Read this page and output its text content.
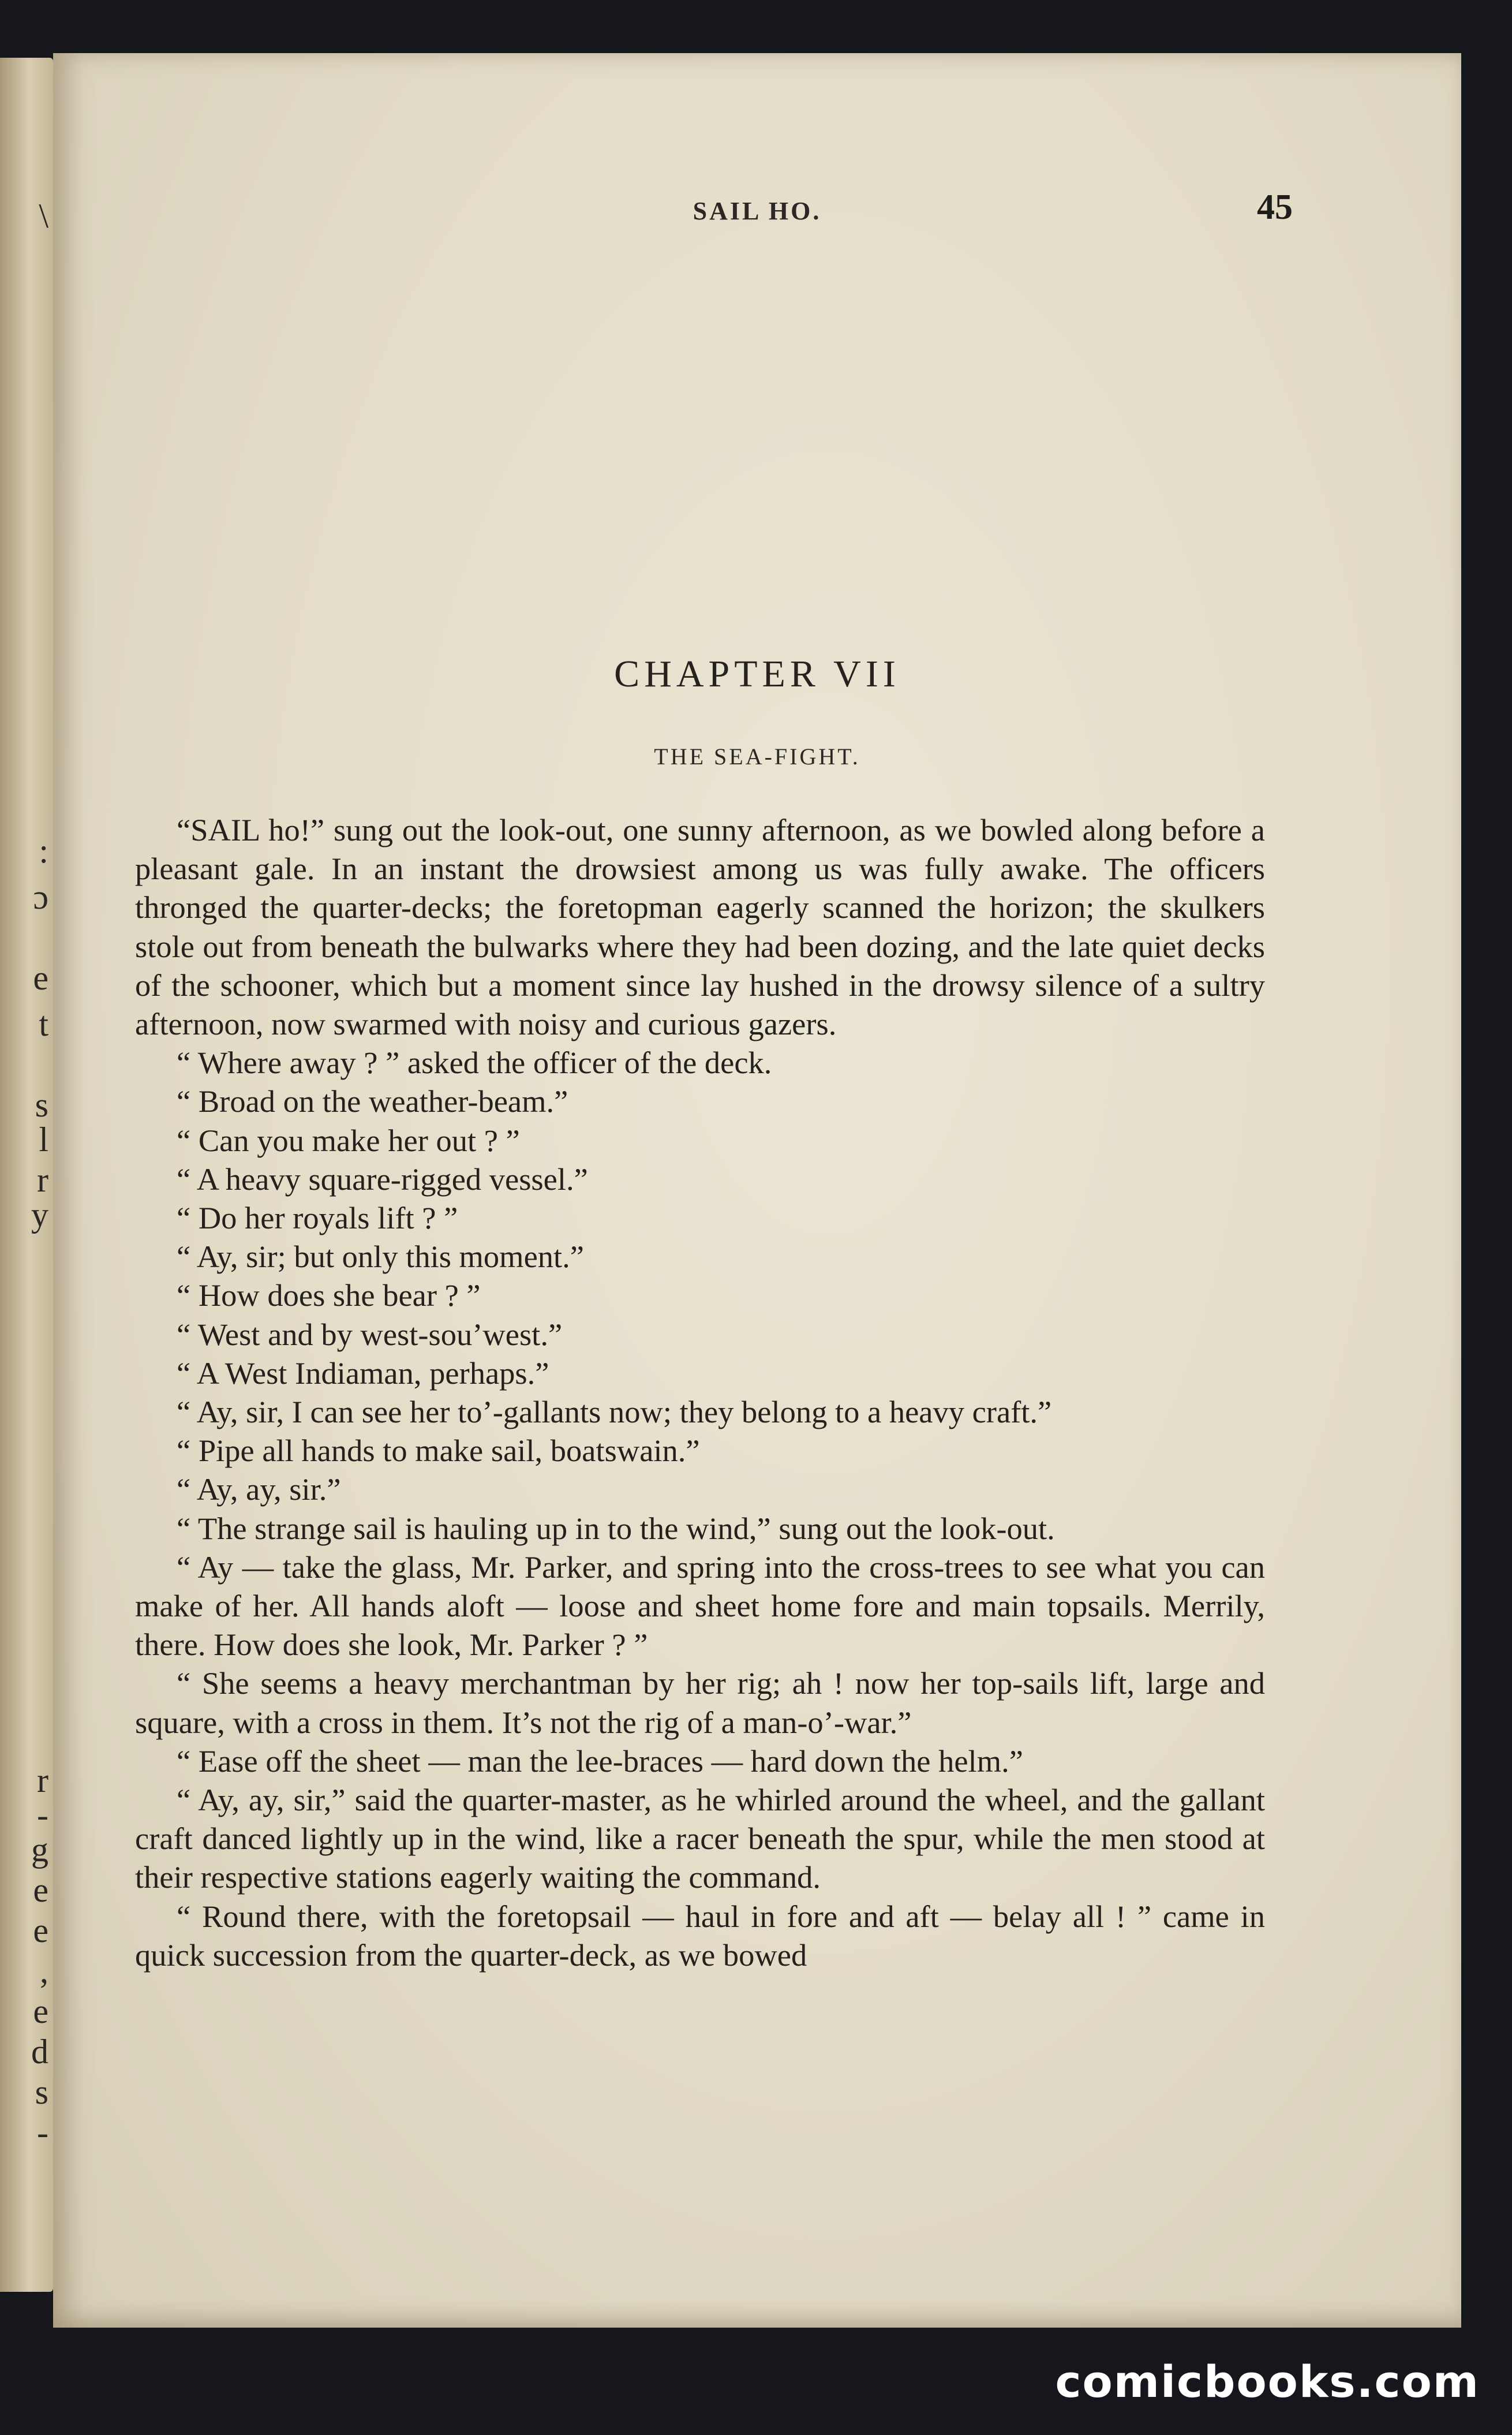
\
:
ɔ
e
t
s
l
r
y
r
-
g
e
e
,
e
d
s
-
SAIL HO.	45
CHAPTER VII
THE SEA-FIGHT.

“SAIL ho!” sung out the look-out, one sunny afternoon, as we bowled along before a pleasant gale. In an instant the drowsiest among us was fully awake. The officers thronged the quarter-decks; the foretopman eagerly scanned the horizon; the skulkers stole out from beneath the bulwarks where they had been dozing, and the late quiet decks of the schooner, which but a moment since lay hushed in the drowsy silence of a sultry afternoon, now swarmed with noisy and curious gazers.

“ Where away ? ” asked the officer of the deck.

“ Broad on the weather-beam.”

“ Can you make her out ? ”

“ A heavy square-rigged vessel.”

“ Do her royals lift ? ”

“ Ay, sir; but only this moment.”

“ How does she bear ? ”

“ West and by west-sou’west.”

“ A West Indiaman, perhaps.”

“ Ay, sir, I can see her to’-gallants now; they belong to a heavy craft.”

“ Pipe all hands to make sail, boatswain.”

“ Ay, ay, sir.”

“ The strange sail is hauling up in to the wind,” sung out the look-out.

“ Ay — take the glass, Mr. Parker, and spring into the cross-trees to see what you can make of her. All hands aloft — loose and sheet home fore and main topsails. Merrily, there. How does she look, Mr. Parker ? ”

“ She seems a heavy merchantman by her rig; ah ! now her top-sails lift, large and square, with a cross in them. It’s not the rig of a man-o’-war.”

“ Ease off the sheet — man the lee-braces — hard down the helm.”

“ Ay, ay, sir,” said the quarter-master, as he whirled around the wheel, and the gallant craft danced lightly up in the wind, like a racer beneath the spur, while the men stood at their respective stations eagerly waiting the command.

“ Round there, with the foretopsail — haul in fore and aft — belay all ! ” came in quick succession from the quarter-deck, as we bowed

comicbooks.com
